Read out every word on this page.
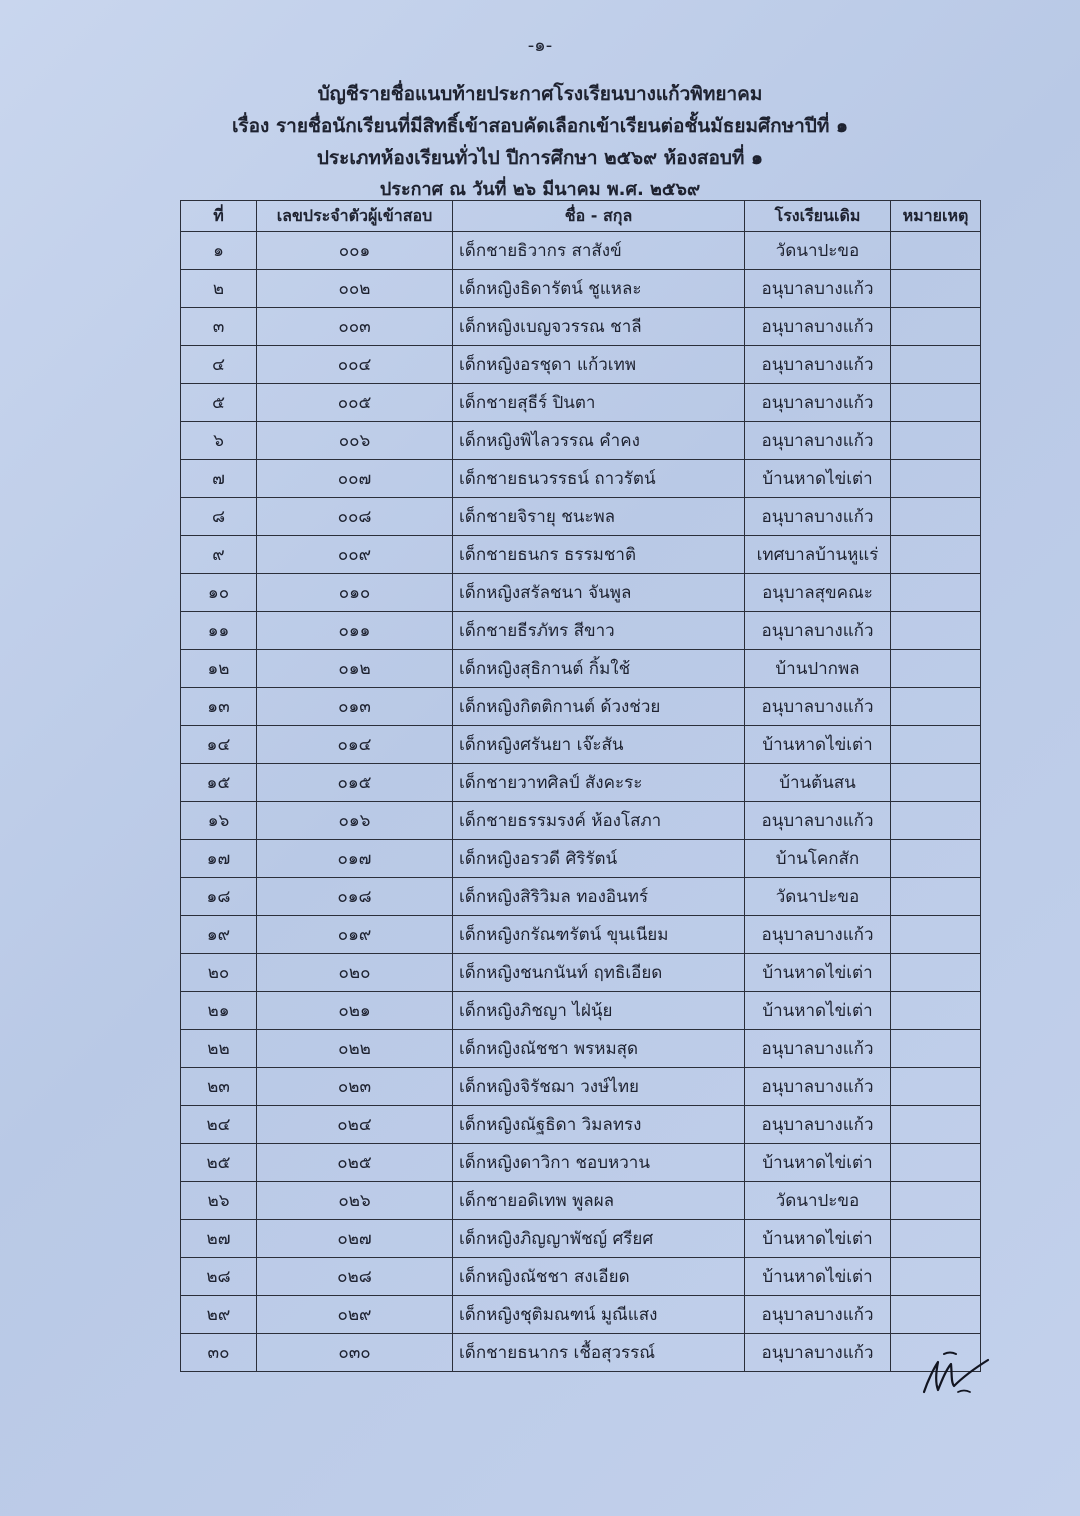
-๑-
บัญชีรายชื่อแนบท้ายประกาศโรงเรียนบางแก้วพิทยาคม
เรื่อง รายชื่อนักเรียนที่มีสิทธิ์เข้าสอบคัดเลือกเข้าเรียนต่อชั้นมัธยมศึกษาปีที่ ๑
ประเภทห้องเรียนทั่วไป ปีการศึกษา ๒๕๖๙ ห้องสอบที่ ๑
ประกาศ ณ วันที่ ๒๖ มีนาคม พ.ศ. ๒๕๖๙
ที่	เลขประจำตัวผู้เข้าสอบ	ชื่อ - สกุล	โรงเรียนเดิม	หมายเหตุ
๑	๐๐๑	เด็กชายธิวากร สาสังข์	วัดนาปะขอ	
๒	๐๐๒	เด็กหญิงธิดารัตน์ ชูแหละ	อนุบาลบางแก้ว	
๓	๐๐๓	เด็กหญิงเบญจวรรณ ชาลี	อนุบาลบางแก้ว	
๔	๐๐๔	เด็กหญิงอรชุดา แก้วเทพ	อนุบาลบางแก้ว	
๕	๐๐๕	เด็กชายสุธีร์ ปินตา	อนุบาลบางแก้ว	
๖	๐๐๖	เด็กหญิงพิไลวรรณ คำคง	อนุบาลบางแก้ว	
๗	๐๐๗	เด็กชายธนวรรธน์ ถาวรัตน์	บ้านหาดไข่เต่า	
๘	๐๐๘	เด็กชายจิรายุ ชนะพล	อนุบาลบางแก้ว	
๙	๐๐๙	เด็กชายธนกร ธรรมชาติ	เทศบาลบ้านหูแร่	
๑๐	๐๑๐	เด็กหญิงสรัลชนา จันพูล	อนุบาลสุขคณะ	
๑๑	๐๑๑	เด็กชายธีรภัทร สีขาว	อนุบาลบางแก้ว	
๑๒	๐๑๒	เด็กหญิงสุธิกานต์ กิ้มใช้	บ้านปากพล	
๑๓	๐๑๓	เด็กหญิงกิตติกานต์ ด้วงช่วย	อนุบาลบางแก้ว	
๑๔	๐๑๔	เด็กหญิงศรันยา เจ๊ะสัน	บ้านหาดไข่เต่า	
๑๕	๐๑๕	เด็กชายวาทศิลป์ สังคะระ	บ้านต้นสน	
๑๖	๐๑๖	เด็กชายธรรมรงค์ ห้องโสภา	อนุบาลบางแก้ว	
๑๗	๐๑๗	เด็กหญิงอรวดี ศิริรัตน์	บ้านโคกสัก	
๑๘	๐๑๘	เด็กหญิงสิริวิมล ทองอินทร์	วัดนาปะขอ	
๑๙	๐๑๙	เด็กหญิงกรัณฑรัตน์ ขุนเนียม	อนุบาลบางแก้ว	
๒๐	๐๒๐	เด็กหญิงชนกนันท์ ฤทธิเอียด	บ้านหาดไข่เต่า	
๒๑	๐๒๑	เด็กหญิงภิชญา ไฝ่นุ้ย	บ้านหาดไข่เต่า	
๒๒	๐๒๒	เด็กหญิงณัชชา พรหมสุด	อนุบาลบางแก้ว	
๒๓	๐๒๓	เด็กหญิงจิรัชฌา วงษ์ไทย	อนุบาลบางแก้ว	
๒๔	๐๒๔	เด็กหญิงณัฐธิดา วิมลทรง	อนุบาลบางแก้ว	
๒๕	๐๒๕	เด็กหญิงดาวิกา ชอบหวาน	บ้านหาดไข่เต่า	
๒๖	๐๒๖	เด็กชายอดิเทพ พูลผล	วัดนาปะขอ	
๒๗	๐๒๗	เด็กหญิงภิญญาพัชญ์ ศรียศ	บ้านหาดไข่เต่า	
๒๘	๐๒๘	เด็กหญิงณัชชา สงเอียด	บ้านหาดไข่เต่า	
๒๙	๐๒๙	เด็กหญิงชุติมณฑน์ มูณีแสง	อนุบาลบางแก้ว	
๓๐	๐๓๐	เด็กชายธนากร เชื้อสุวรรณ์	อนุบาลบางแก้ว	
